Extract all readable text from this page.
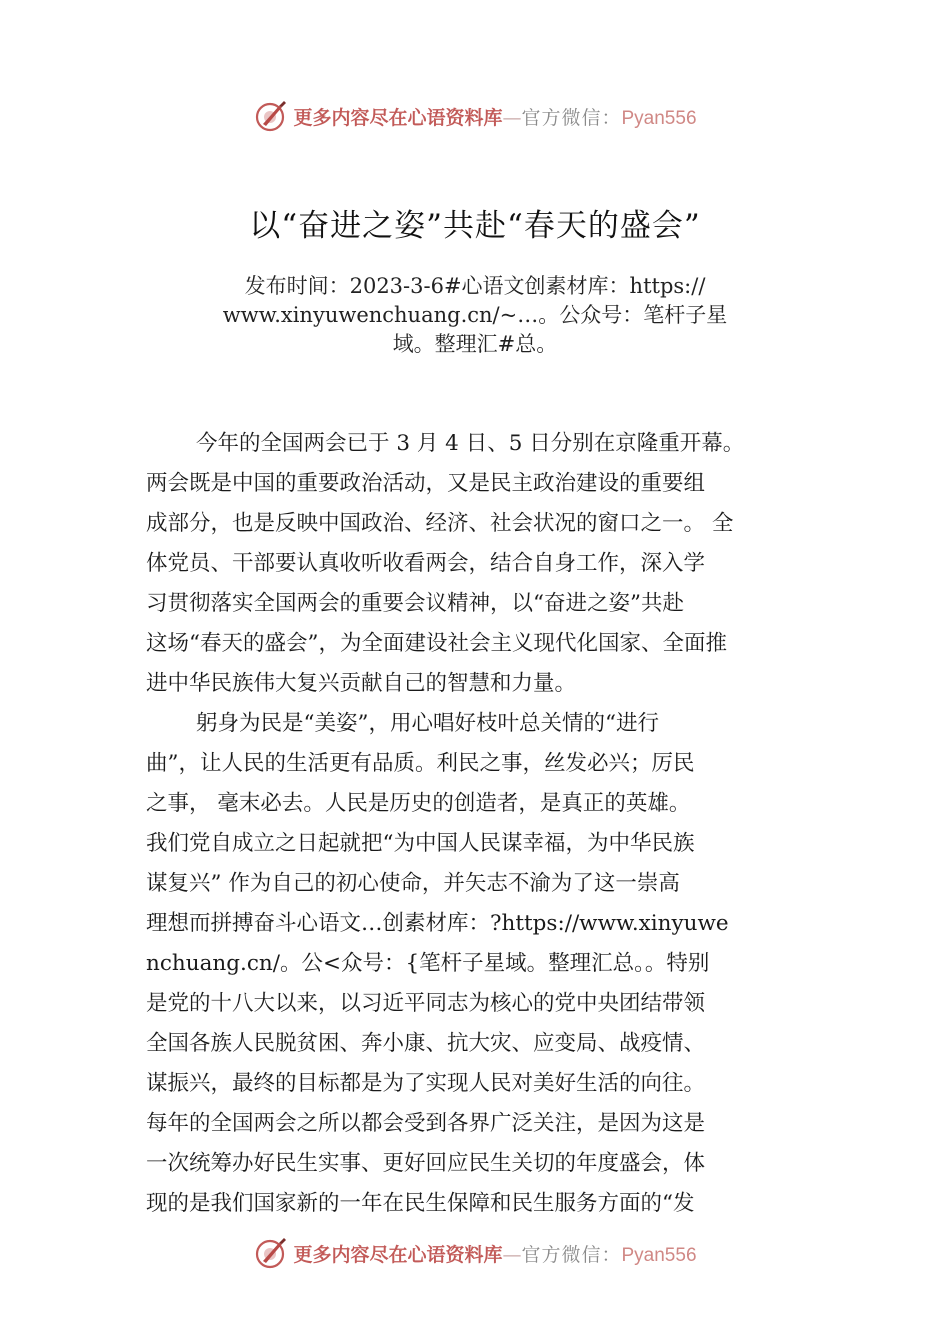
更多内容尽在心语资料库—官方微信：Pyan556
以“奋进之姿”共赴“春天的盛会”
发布时间：2023-3-6#心语文创素材库：https://
www.xinyuwenchuang.cn/~…。公众号：笔杆子星
域。整理汇#总。
今年的全国两会已于 3 月 4 日、5 日分别在京隆重开幕。
两会既是中国的重要政治活动，又是民主政治建设的重要组
成部分，也是反映中国政治、经济、社会状况的窗口之一。 全
体党员、干部要认真收听收看两会，结合自身工作，深入学
习贯彻落实全国两会的重要会议精神，以“奋进之姿”共赴
这场“春天的盛会”，为全面建设社会主义现代化国家、全面推
进中华民族伟大复兴贡献自己的智慧和力量。
躬身为民是“美姿”，用心唱好枝叶总关情的“进行
曲”，让人民的生活更有品质。利民之事，丝发必兴；厉民
之事， 毫末必去。人民是历史的创造者，是真正的英雄。
我们党自成立之日起就把“为中国人民谋幸福，为中华民族
谋复兴” 作为自己的初心使命，并矢志不渝为了这一崇高
理想而拼搏奋斗心语文…创素材库：?https://www.xinyuwe
nchuang.cn/。公<众号：{笔杆子星域。整理汇总。。特别
是党的十八大以来，以习近平同志为核心的党中央团结带领
全国各族人民脱贫困、奔小康、抗大灾、应变局、战疫情、
谋振兴，最终的目标都是为了实现人民对美好生活的向往。
每年的全国两会之所以都会受到各界广泛关注，是因为这是
一次统筹办好民生实事、更好回应民生关切的年度盛会，体
现的是我们国家新的一年在民生保障和民生服务方面的“发
更多内容尽在心语资料库—官方微信：Pyan556
